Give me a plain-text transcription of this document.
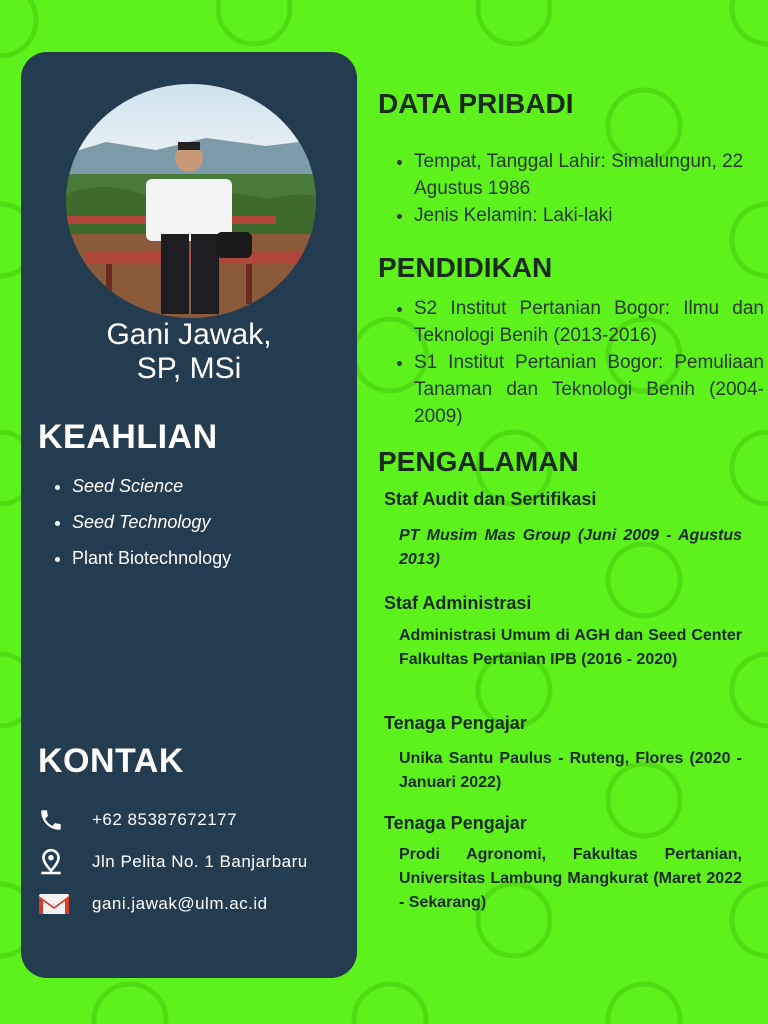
Gani Jawak,
SP, MSi
KEAHLIAN
• Seed Science
• Seed Technology
• Plant Biotechnology
KONTAK
+62 85387672177
Jln Pelita No. 1 Banjarbaru
gani.jawak@ulm.ac.id
DATA PRIBADI
• Tempat, Tanggal Lahir: Simalungun, 22 Agustus 1986
• Jenis Kelamin: Laki-laki
PENDIDIKAN
• S2 Institut Pertanian Bogor: Ilmu dan Teknologi Benih (2013-2016)
• S1 Institut Pertanian Bogor: Pemuliaan Tanaman dan Teknologi Benih (2004-2009)
PENGALAMAN
Staf Audit dan Sertifikasi
PT Musim Mas Group (Juni 2009 - Agustus 2013)
Staf Administrasi
Administrasi Umum di AGH dan Seed Center Falkultas Pertanian IPB (2016 - 2020)
Tenaga Pengajar
Unika Santu Paulus - Ruteng, Flores (2020 - Januari 2022)
Tenaga Pengajar
Prodi Agronomi, Fakultas Pertanian, Universitas Lambung Mangkurat (Maret 2022 - Sekarang)
